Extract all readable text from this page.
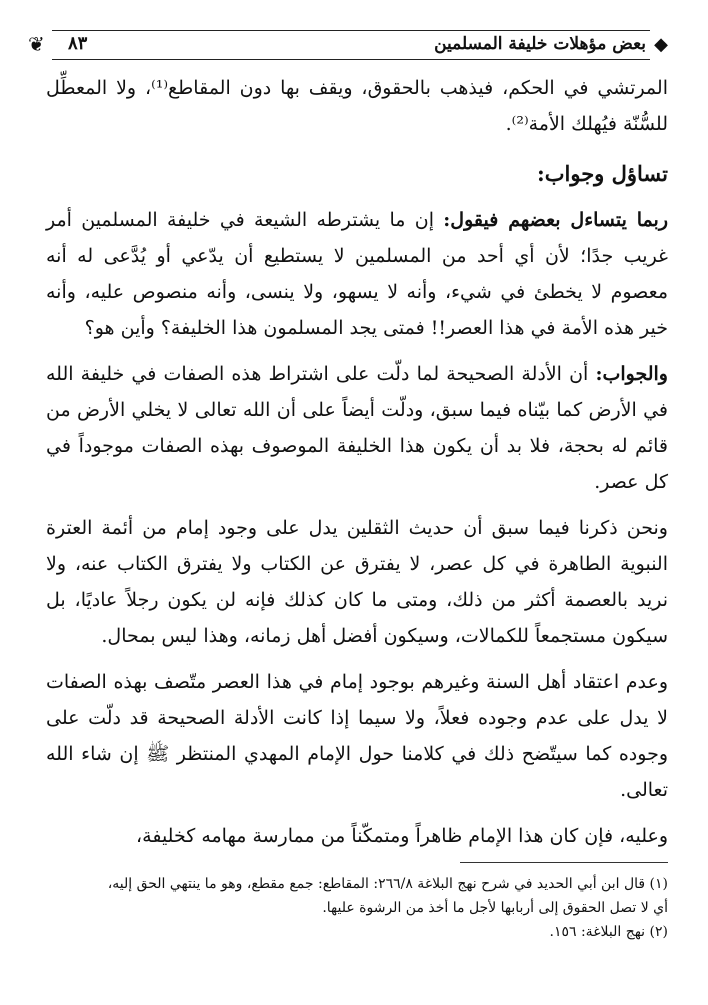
◆
بعض مؤهلات خليفة المسلمين
٨٣
❦

المرتشي في الحكم، فيذهب بالحقوق، ويقف بها دون المقاطع⁽¹⁾، ولا المعطِّل للسُّنّة فيُهلك الأمة⁽²⁾.

تساؤل وجواب:

ربما يتساءل بعضهم فيقول: إن ما يشترطه الشيعة في خليفة المسلمين أمر غريب جدًا؛ لأن أي أحد من المسلمين لا يستطيع أن يدّعي أو يُدَّعى له أنه معصوم لا يخطئ في شيء، وأنه لا يسهو، ولا ينسى، وأنه منصوص عليه، وأنه خير هذه الأمة في هذا العصر!! فمتى يجد المسلمون هذا الخليفة؟ وأين هو؟

والجواب: أن الأدلة الصحيحة لما دلّت على اشتراط هذه الصفات في خليفة الله في الأرض كما بيّناه فيما سبق، ودلّت أيضاً على أن الله تعالى لا يخلي الأرض من قائم له بحجة، فلا بد أن يكون هذا الخليفة الموصوف بهذه الصفات موجوداً في كل عصر.

ونحن ذكرنا فيما سبق أن حديث الثقلين يدل على وجود إمام من أئمة العترة النبوية الطاهرة في كل عصر، لا يفترق عن الكتاب ولا يفترق الكتاب عنه، ولا نريد بالعصمة أكثر من ذلك، ومتى ما كان كذلك فإنه لن يكون رجلاً عاديًا، بل سيكون مستجمعاً للكمالات، وسيكون أفضل أهل زمانه، وهذا ليس بمحال.

وعدم اعتقاد أهل السنة وغيرهم بوجود إمام في هذا العصر متّصف بهذه الصفات لا يدل على عدم وجوده فعلاً، ولا سيما إذا كانت الأدلة الصحيحة قد دلّت على وجوده كما سيتّضح ذلك في كلامنا حول الإمام المهدي المنتظر ﷺ إن شاء الله تعالى.

وعليه، فإن كان هذا الإمام ظاهراً ومتمكّناً من ممارسة مهامه كخليفة،

(١) قال ابن أبي الحديد في شرح نهج البلاغة ٢٦٦/٨: المقاطع: جمع مقطع، وهو ما ينتهي الحق إليه،

أي لا تصل الحقوق إلى أربابها لأجل ما أخذ من الرشوة عليها.

(٢) نهج البلاغة: ١٥٦.
